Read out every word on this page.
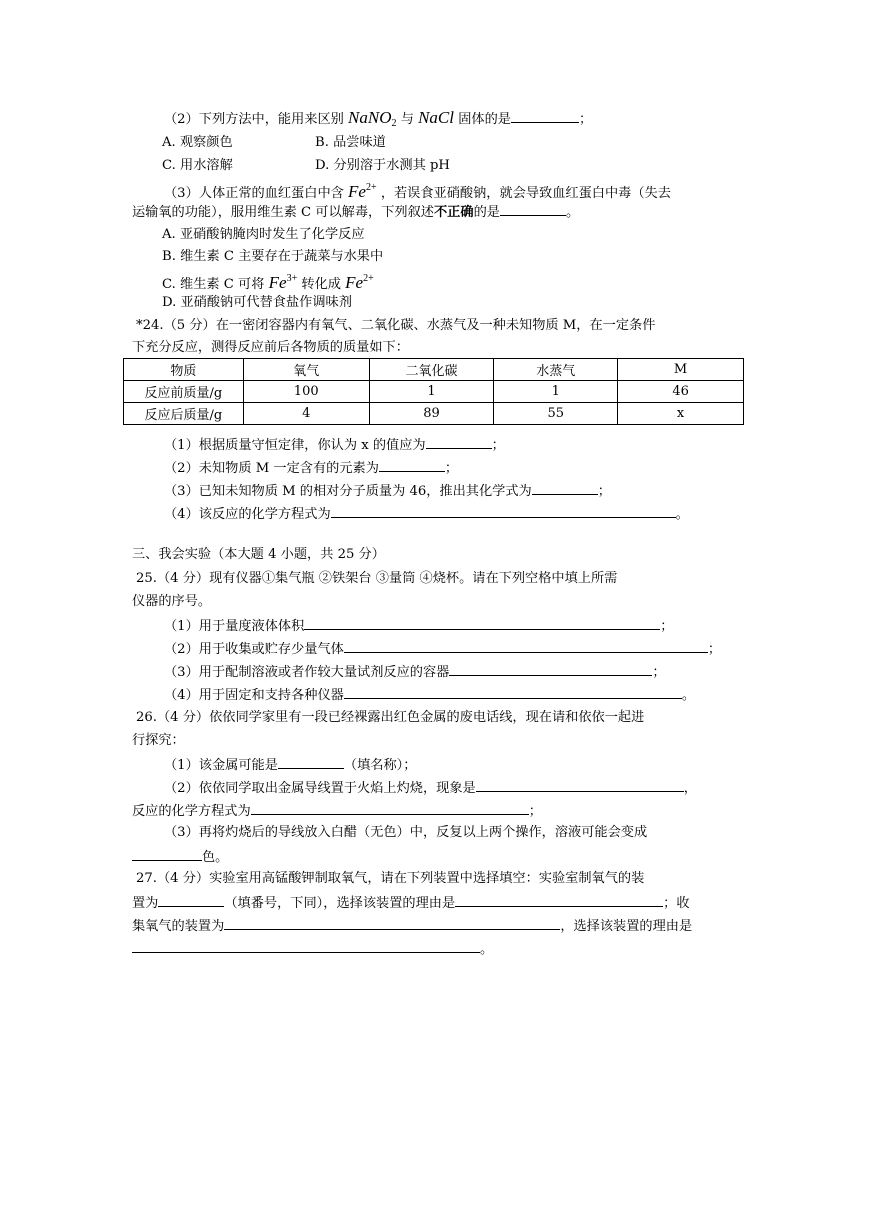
（2）下列方法中，能用来区别 NaNO$_2$ 与 NaCl 固体的是	；
A. 观察颜色	B. 品尝味道
C. 用水溶解	D. 分别溶于水测其 pH
（3）人体正常的血红蛋白中含 $Fe^{2+}$ ，若误食亚硝酸钠，就会导致血红蛋白中毒（失去
运输氧的功能），服用维生素 C 可以解毒，下列叙述不正确的是	。
A. 亚硝酸钠腌肉时发生了化学反应
B. 维生素 C 主要存在于蔬菜与水果中
C. 维生素 C 可将 $Fe^{3+}$ 转化成 $Fe^{2+}$
D. 亚硝酸钠可代替食盐作调味剂
*24.（5 分）在一密闭容器内有氧气、二氧化碳、水蒸气及一种未知物质 M，在一定条件
下充分反应，测得反应前后各物质的质量如下：
物质	氧气	二氧化碳	水蒸气	M
反应前质量/g	100	1	1	46
反应后质量/g	4	89	55	x
（1）根据质量守恒定律，你认为 x 的值应为	；
（2）未知物质 M 一定含有的元素为	；
（3）已知未知物质 M 的相对分子质量为 46，推出其化学式为	；
（4）该反应的化学方程式为	。
三、我会实验（本大题 4 小题，共 25 分）
25.（4 分）现有仪器①集气瓶 ②铁架台 ③量筒 ④烧杯。请在下列空格中填上所需
仪器的序号。
（1）用于量度液体体积	；
（2）用于收集或贮存少量气体	；
（3）用于配制溶液或者作较大量试剂反应的容器	；
（4）用于固定和支持各种仪器	。
26.（4 分）依依同学家里有一段已经裸露出红色金属的废电话线，现在请和依依一起进
行探究：
（1）该金属可能是	（填名称）；
（2）依依同学取出金属导线置于火焰上灼烧，现象是	，
反应的化学方程式为	；
（3）再将灼烧后的导线放入白醋（无色）中，反复以上两个操作，溶液可能会变成
色。
27.（4 分）实验室用高锰酸钾制取氧气，请在下列装置中选择填空：实验室制氧气的装
置为	（填番号，下同），选择该装置的理由是	；收
集氧气的装置为	，选择该装置的理由是
。
